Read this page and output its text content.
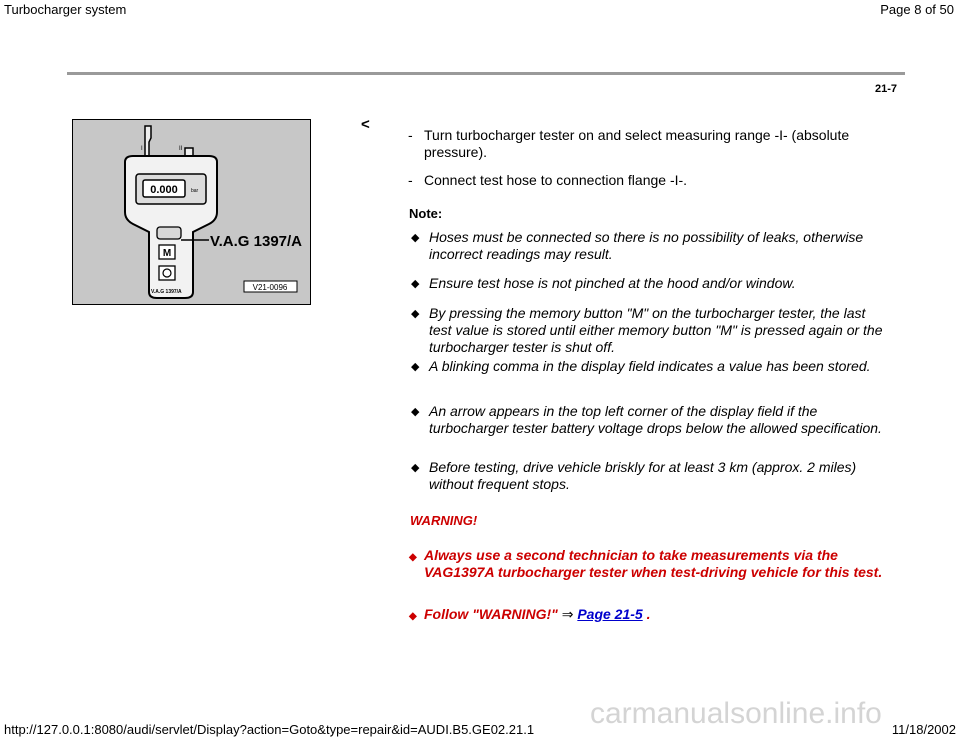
Turbocharger system	Page 8 of 50
21-7
0.000	bar
M
V.A.G 1397/A
V.A.G 1397/A	V21-0096
I	II
<
- Turn turbocharger tester on and select measuring range -I- (absolute pressure).
- Connect test hose to connection flange -I-.
Note:
◆ Hoses must be connected so there is no possibility of leaks, otherwise incorrect readings may result.
◆ Ensure test hose is not pinched at the hood and/or window.
◆ By pressing the memory button "M" on the turbocharger tester, the last test value is stored until either memory button "M" is pressed again or the turbocharger tester is shut off.
◆ A blinking comma in the display field indicates a value has been stored.
◆ An arrow appears in the top left corner of the display field if the turbocharger tester battery voltage drops below the allowed specification.
◆ Before testing, drive vehicle briskly for at least 3 km (approx. 2 miles) without frequent stops.
WARNING!
◆ Always use a second technician to take measurements via the VAG1397A turbocharger tester when test-driving vehicle for this test.
◆ Follow "WARNING!" ⇒ Page 21-5 .
carmanualsonline.info
http://127.0.0.1:8080/audi/servlet/Display?action=Goto&type=repair&id=AUDI.B5.GE02.21.1	11/18/2002
